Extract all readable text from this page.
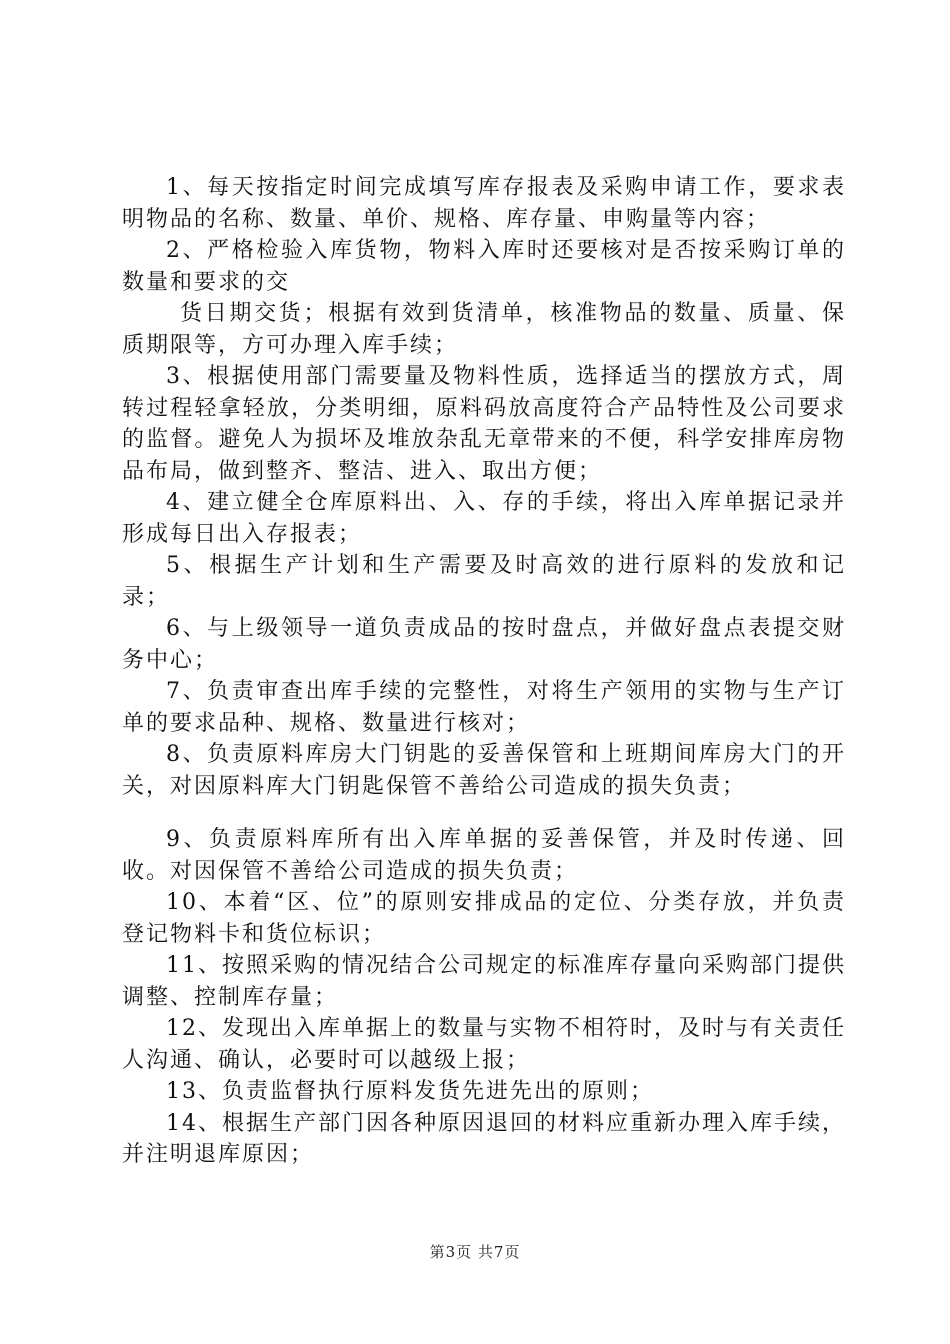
1、每天按指定时间完成填写库存报表及采购申请工作，要求表明物品的名称、数量、单价、规格、库存量、申购量等内容；

2、严格检验入库货物，物料入库时还要核对是否按采购订单的数量和要求的交

货日期交货；根据有效到货清单，核准物品的数量、质量、保质期限等，方可办理入库手续；

3、根据使用部门需要量及物料性质，选择适当的摆放方式，周转过程轻拿轻放，分类明细，原料码放高度符合产品特性及公司要求的监督。避免人为损坏及堆放杂乱无章带来的不便，科学安排库房物品布局，做到整齐、整洁、进入、取出方便；

4、建立健全仓库原料出、入、存的手续，将出入库单据记录并形成每日出入存报表；

5、根据生产计划和生产需要及时高效的进行原料的发放和记录；

6、与上级领导一道负责成品的按时盘点，并做好盘点表提交财务中心；

7、负责审查出库手续的完整性，对将生产领用的实物与生产订单的要求品种、规格、数量进行核对；

8、负责原料库房大门钥匙的妥善保管和上班期间库房大门的开关，对因原料库大门钥匙保管不善给公司造成的损失负责；

9、负责原料库所有出入库单据的妥善保管，并及时传递、回收。对因保管不善给公司造成的损失负责；

10、本着“区、位”的原则安排成品的定位、分类存放，并负责登记物料卡和货位标识；

11、按照采购的情况结合公司规定的标准库存量向采购部门提供调整、控制库存量；

12、发现出入库单据上的数量与实物不相符时，及时与有关责任人沟通、确认，必要时可以越级上报；

13、负责监督执行原料发货先进先出的原则；

14、根据生产部门因各种原因退回的材料应重新办理入库手续，并注明退库原因；

第3页 共7页
